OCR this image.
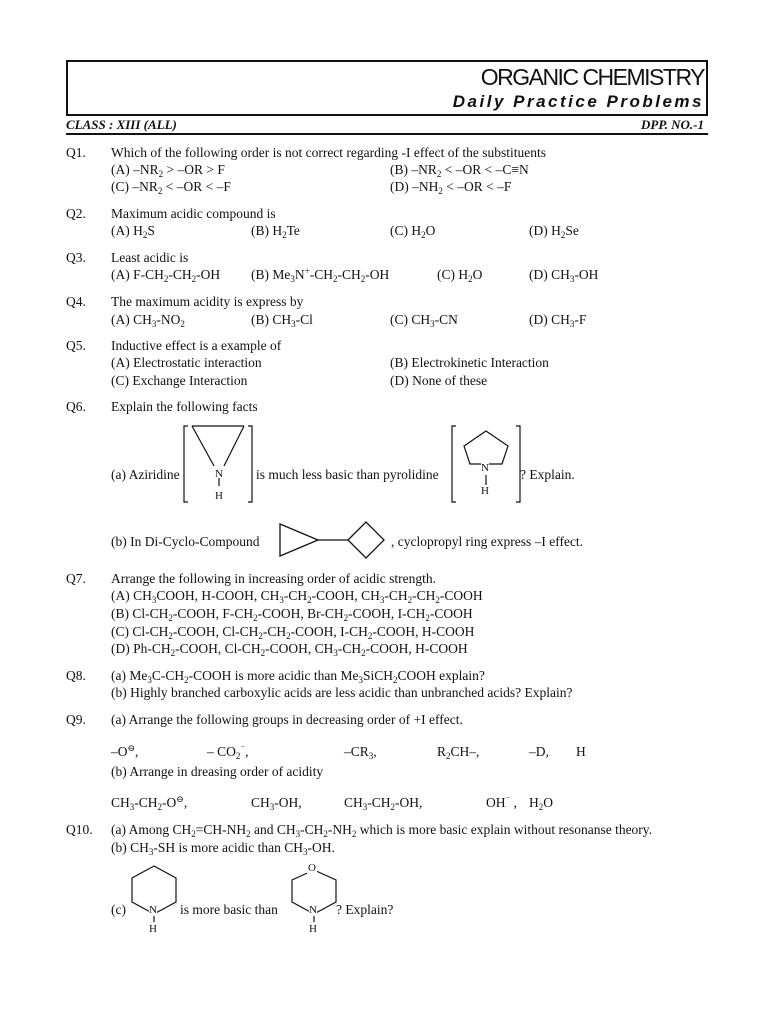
ORGANIC CHEMISTRY
Daily Practice Problems
CLASS : XIII (ALL)	DPP. NO.-1
Q1. Which of the following order is not correct regarding -I effect of the substituents
(A) $-NR_2 > -OR > F$	(B) $-NR_2 < -OR < -C\equiv N$
(C) $-NR_2 < -OR < -F$	(D) $-NH_2 < -OR < -F$
Q2. Maximum acidic compound is
(A) $H_2S$	(B) $H_2Te$	(C) $H_2O$	(D) $H_2Se$
Q3. Least acidic is
(A) $F-CH_2-CH_2-OH$ (B) $Me_3N^+-CH_2-CH_2-OH$	(C) $H_2O$	(D) $CH_3-OH$
Q4. The maximum acidity is express by
(A) $CH_3-NO_2$	(B) $CH_3-Cl$	(C) $CH_3-CN$	(D) $CH_3-F$
Q5. Inductive effect is a example of
(A) Electrostatic interaction	(B) Electrokinetic Interaction
(C) Exchange Interaction	(D) None of these
Q6. Explain the following facts
(a) Aziridine	N
H
is much less basic than pyrolidine	N
H
? Explain.
(b) In Di-Cyclo-Compound	, cyclopropyl ring express –I effect.
Q7. Arrange the following in increasing order of acidic strength.
(A) $CH_3COOH$, H-COOH, $CH_3-CH_2$-COOH, $CH_3-CH_2-CH_2$-COOH
(B) $Cl-CH_2$-COOH, $F-CH_2$-COOH, $Br-CH_2$-COOH, $I-CH_2$-COOH
(C) $Cl-CH_2$-COOH, $Cl-CH_2-CH_2$-COOH, $I-CH_2$-COOH, H-COOH
(D) $Ph-CH_2$-COOH, $Cl-CH_2$-COOH, $CH_3-CH_2$-COOH, H-COOH
Q8. (a) $Me_3C-CH_2$-COOH is more acidic than $Me_3SiCH_2COOH$ explain?
(b) Highly branched carboxylic acids are less acidic than unbranched acids? Explain?
Q9. (a) Arrange the following groups in decreasing order of +I effect.
–O⊖,	– $CO_2^{^-}$,	$-CR_3$,	$R_2CH-$,	–D, H
(b) Arrange in dreasing order of acidity
$CH_3-CH_2-O^⊖$,	$CH_3-OH$,	$CH_3-CH_2-OH$,	OH⁻ , $H_2O$
Q10. (a) Among $CH_2=CH-NH_2$ and $CH_3-CH_2-NH_2$ which is more basic explain without resonanse theory.
(b) $CH_3-SH$ is more acidic than $CH_3-OH$.
(c) N
H
is more basic than
O
N
H
? Explain?
